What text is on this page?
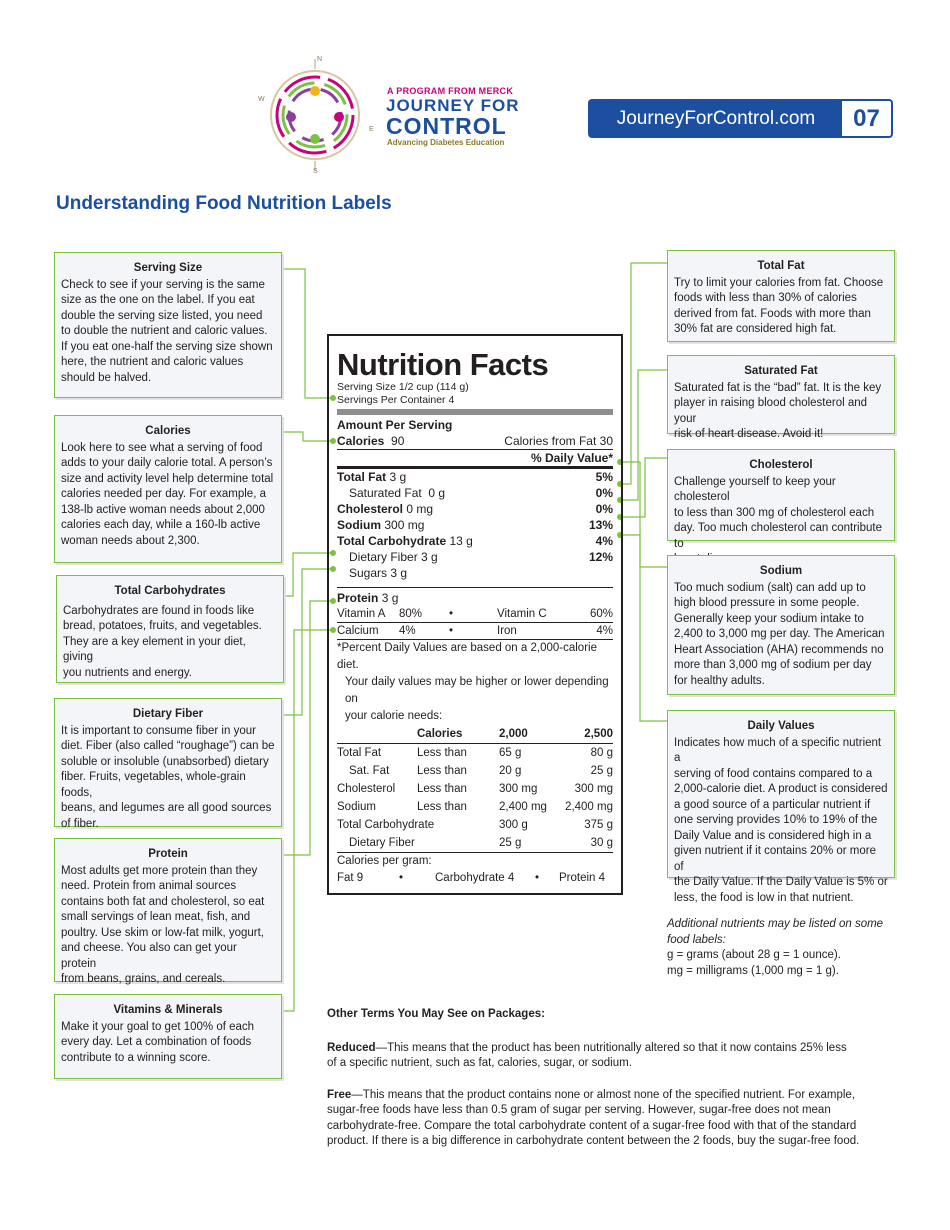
N
E
S
W
A PROGRAM FROM MERCK
JOURNEY FOR
CONTROL
Advancing Diabetes Education
JourneyForControl.com	07
Understanding Food Nutrition Labels
Serving Size
Check to see if your serving is the same
size as the one on the label. If you eat
double the serving size listed, you need
to double the nutrient and caloric values.
If you eat one-half the serving size shown
here, the nutrient and caloric values
should be halved.
Calories
Look here to see what a serving of food
adds to your daily calorie total. A person’s
size and activity level help determine total
calories needed per day. For example, a
138-lb active woman needs about 2,000
calories each day, while a 160-lb active
woman needs about 2,300.
Total Carbohydrates
Carbohydrates are found in foods like
bread, potatoes, fruits, and vegetables.
They are a key element in your diet, giving
you nutrients and energy.
Dietary Fiber
It is important to consume fiber in your
diet. Fiber (also called “roughage”) can be
soluble or insoluble (unabsorbed) dietary
fiber. Fruits, vegetables, whole-grain foods,
beans, and legumes are all good sources
of fiber.
Protein
Most adults get more protein than they
need. Protein from animal sources
contains both fat and cholesterol, so eat
small servings of lean meat, fish, and
poultry. Use skim or low-fat milk, yogurt,
and cheese. You also can get your protein
from beans, grains, and cereals.
Vitamins & Minerals
Make it your goal to get 100% of each
every day. Let a combination of foods
contribute to a winning score.
Total Fat
Try to limit your calories from fat. Choose
foods with less than 30% of calories
derived from fat. Foods with more than
30% fat are considered high fat.
Saturated Fat
Saturated fat is the “bad” fat. It is the key
player in raising blood cholesterol and your
risk of heart disease. Avoid it!
Cholesterol
Challenge yourself to keep your cholesterol
to less than 300 mg of cholesterol each
day. Too much cholesterol can contribute to
Sodium
Too much sodium (salt) can add up to
high blood pressure in some people.
Generally keep your sodium intake to
2,400 to 3,000 mg per day. The American
Heart Association (AHA) recommends no
more than 3,000 mg of sodium per day
for healthy adults.
Daily Values
Indicates how much of a specific nutrient a
serving of food contains compared to a
2,000-calorie diet. A product is considered
a good source of a particular nutrient if
one serving provides 10% to 19% of the
Daily Value and is considered high in a
given nutrient if it contains 20% or more of
the Daily Value. If the Daily Value is 5% or
less, the food is low in that nutrient.
Nutrition Facts
Serving Size 1/2 cup (114 g)
Servings Per Container 4
Amount Per Serving
Calories 90	Calories from Fat 30
% Daily Value*
Total Fat 3 g	5%
Saturated Fat 0 g	0%
Cholesterol 0 mg	0%
Sodium 300 mg	13%
Total Carbohydrate 13 g	4%
Dietary Fiber 3 g	12%
Sugars 3 g
Protein 3 g
Vitamin A	80%	•	Vitamin C	60%
Calcium	4%	•	Iron	4%
*Percent Daily Values are based on a 2,000-calorie diet.
Your daily values may be higher or lower depending on
your calorie needs:
	Calories	2,000	2,500

Total Fat	Less than	65 g	80 g
Sat. Fat	Less than	20 g	25 g
Cholesterol	Less than	300 mg	300 mg
Sodium	Less than	2,400 mg	2,400 mg
Total Carbohydrate		300 g	375 g
Dietary Fiber		25 g	30 g
Calories per gram:
Fat 9	•	Carbohydrate 4	•	Protein 4
Additional nutrients may be listed on some
food labels:
g = grams (about 28 g = 1 ounce).
mg = milligrams (1,000 mg = 1 g).

Other Terms You May See on Packages:

Reduced—This means that the product has been nutritionally altered so that it now contains 25% less
of a specific nutrient, such as fat, calories, sugar, or sodium.

Free—This means that the product contains none or almost none of the specified nutrient. For example,
sugar-free foods have less than 0.5 gram of sugar per serving. However, sugar-free does not mean
carbohydrate-free. Compare the total carbohydrate content of a sugar-free food with that of the standard
product. If there is a big difference in carbohydrate content between the 2 foods, buy the sugar-free food.
